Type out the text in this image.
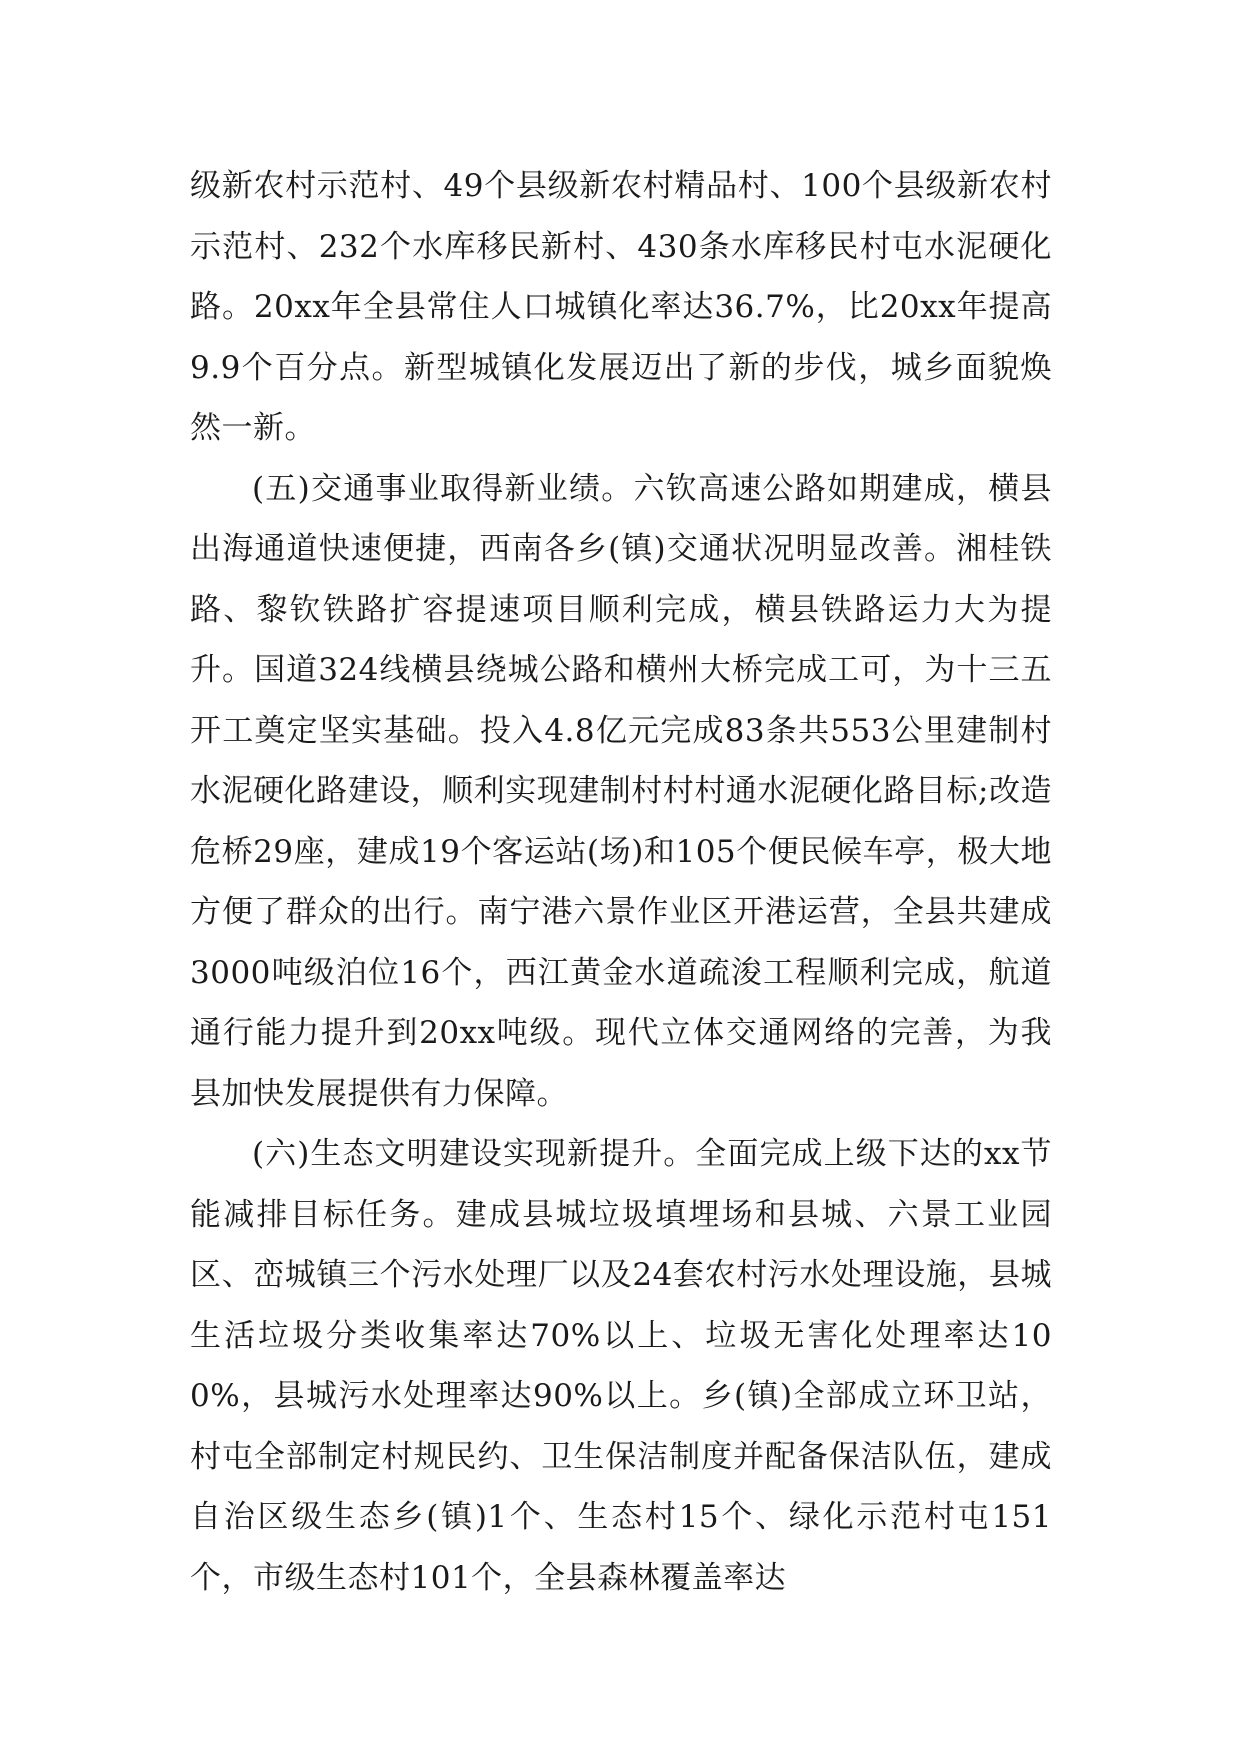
级新农村示范村、49个县级新农村精品村、100个县级新农村示范村、232个水库移民新村、430条水库移民村屯水泥硬化路。20xx年全县常住人口城镇化率达36.7%，比20xx年提高9.9个百分点。新型城镇化发展迈出了新的步伐，城乡面貌焕然一新。

(五)交通事业取得新业绩。六钦高速公路如期建成，横县出海通道快速便捷，西南各乡(镇)交通状况明显改善。湘桂铁路、黎钦铁路扩容提速项目顺利完成，横县铁路运力大为提升。国道324线横县绕城公路和横州大桥完成工可，为十三五开工奠定坚实基础。投入4.8亿元完成83条共553公里建制村水泥硬化路建设，顺利实现建制村村村通水泥硬化路目标;改造危桥29座，建成19个客运站(场)和105个便民候车亭，极大地方便了群众的出行。南宁港六景作业区开港运营，全县共建成3000吨级泊位16个，西江黄金水道疏浚工程顺利完成，航道通行能力提升到20xx吨级。现代立体交通网络的完善，为我县加快发展提供有力保障。

(六)生态文明建设实现新提升。全面完成上级下达的xx节能减排目标任务。建成县城垃圾填埋场和县城、六景工业园区、峦城镇三个污水处理厂以及24套农村污水处理设施，县城生活垃圾分类收集率达70%以上、垃圾无害化处理率达100%，县城污水处理率达90%以上。乡(镇)全部成立环卫站，村屯全部制定村规民约、卫生保洁制度并配备保洁队伍，建成自治区级生态乡(镇)1个、生态村15个、绿化示范村屯151个，市级生态村101个，全县森林覆盖率达
